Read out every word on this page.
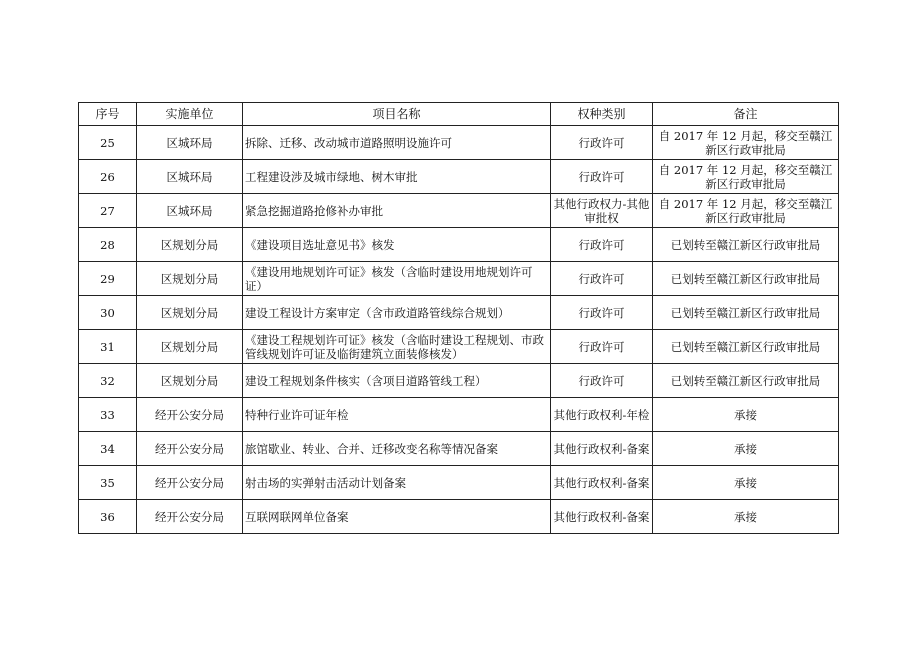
序号	实施单位	项目名称	权种类别	备注
25	区城环局	拆除、迁移、改动城市道路照明设施许可	行政许可	自 2017 年 12 月起，移交至赣江新区行政审批局
26	区城环局	工程建设涉及城市绿地、树木审批	行政许可	自 2017 年 12 月起，移交至赣江新区行政审批局
27	区城环局	紧急挖掘道路抢修补办审批	其他行政权力-其他审批权	自 2017 年 12 月起，移交至赣江新区行政审批局
28	区规划分局	《建设项目选址意见书》核发	行政许可	已划转至赣江新区行政审批局
29	区规划分局	《建设用地规划许可证》核发（含临时建设用地规划许可证）	行政许可	已划转至赣江新区行政审批局
30	区规划分局	建设工程设计方案审定（含市政道路管线综合规划）	行政许可	已划转至赣江新区行政审批局
31	区规划分局	《建设工程规划许可证》核发（含临时建设工程规划、市政管线规划许可证及临街建筑立面装修核发）	行政许可	已划转至赣江新区行政审批局
32	区规划分局	建设工程规划条件核实（含项目道路管线工程）	行政许可	已划转至赣江新区行政审批局
33	经开公安分局	特种行业许可证年检	其他行政权利-年检	承接
34	经开公安分局	旅馆歇业、转业、合并、迁移改变名称等情况备案	其他行政权利-备案	承接
35	经开公安分局	射击场的实弹射击活动计划备案	其他行政权利-备案	承接
36	经开公安分局	互联网联网单位备案	其他行政权利-备案	承接
